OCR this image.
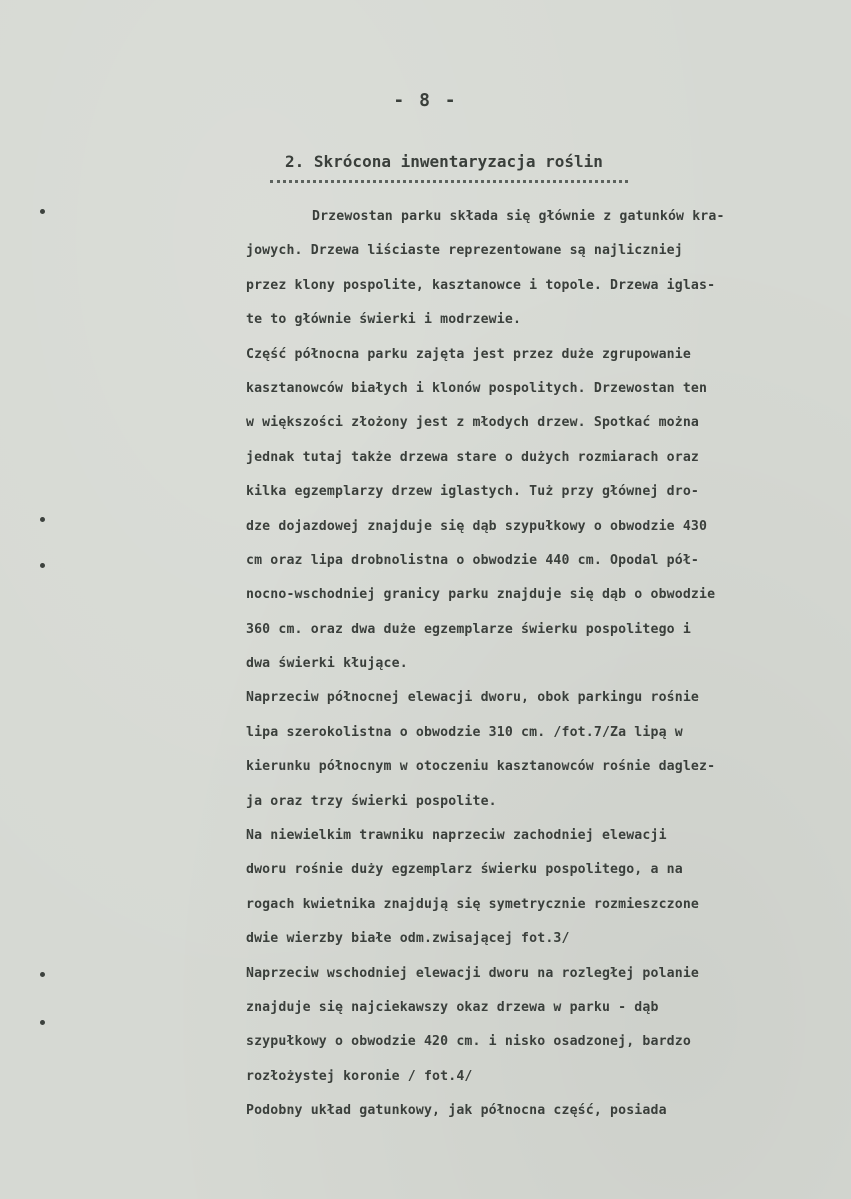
- 8 -
2. Skrócona inwentaryzacja roślin
Drzewostan parku składa się głównie z gatunków kra-
jowych. Drzewa liściaste reprezentowane są najliczniej
przez klony pospolite, kasztanowce i topole. Drzewa iglas-
te to głównie świerki i modrzewie.
Część północna parku zajęta jest przez duże zgrupowanie
kasztanowców białych i klonów pospolitych. Drzewostan ten
w większości złożony jest z młodych drzew. Spotkać można
jednak tutaj także drzewa stare o dużych rozmiarach oraz
kilka egzemplarzy drzew iglastych. Tuż przy głównej dro-
dze dojazdowej znajduje się dąb szypułkowy o obwodzie 430
cm oraz lipa drobnolistna o obwodzie 440 cm. Opodal pół-
nocno-wschodniej granicy parku znajduje się dąb o obwodzie
360 cm. oraz dwa duże egzemplarze świerku pospolitego i
dwa świerki kłujące.
Naprzeciw północnej elewacji dworu, obok parkingu rośnie
lipa szerokolistna o obwodzie 310 cm. /fot.7/Za lipą w
kierunku północnym w otoczeniu kasztanowców rośnie daglez-
ja oraz trzy świerki pospolite.
Na niewielkim trawniku naprzeciw zachodniej elewacji
dworu rośnie duży egzemplarz świerku pospolitego, a na
rogach kwietnika znajdują się symetrycznie rozmieszczone
dwie wierzby białe odm.zwisającej fot.3/
Naprzeciw wschodniej elewacji dworu na rozległej polanie
znajduje się najciekawszy okaz drzewa w parku - dąb
szypułkowy o obwodzie 420 cm. i nisko osadzonej, bardzo
rozłożystej koronie / fot.4/
Podobny układ gatunkowy, jak północna część, posiada
